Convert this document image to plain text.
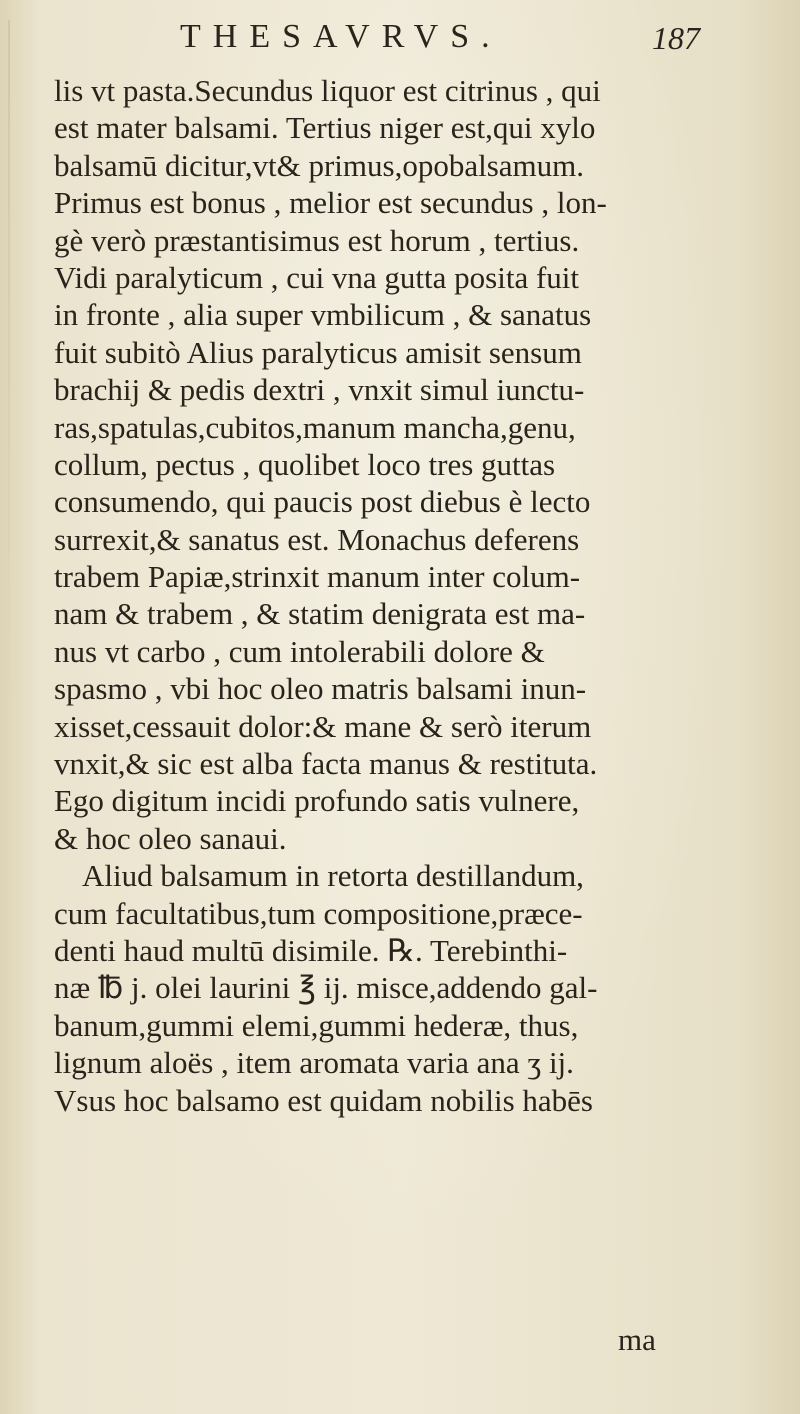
THESAVRVS.	187
lis vt pasta.Secundus liquor est citrinus , qui
est mater balsami. Tertius niger est,qui xylo
balsamū dicitur,vt& primus,opobalsamum.
Primus est bonus , melior est secundus , lon-
gè verò præstantisimus est horum , tertius.
Vidi paralyticum , cui vna gutta posita fuit
in fronte , alia super vmbilicum , & sanatus
fuit subitò Alius paralyticus amisit sensum
brachij & pedis dextri , vnxit simul iunctu-
ras,spatulas,cubitos,manum mancha,genu,
collum, pectus , quolibet loco tres guttas
consumendo, qui paucis post diebus è lecto
surrexit,& sanatus est. Monachus deferens
trabem Papiæ,strinxit manum inter colum-
nam & trabem , & statim denigrata est ma-
nus vt carbo , cum intolerabili dolore &
spasmo , vbi hoc oleo matris balsami inun-
xisset,cessauit dolor:& mane & serò iterum
vnxit,& sic est alba facta manus & restituta.
Ego digitum incidi profundo satis vulnere,
& hoc oleo sanaui.
Aliud balsamum in retorta destillandum,
cum facultatibus,tum compositione,præce-
denti haud multū disimile. ℞. Terebinthi-
næ ℔ j. olei laurini ℥ ij. misce,addendo gal-
banum,gummi elemi,gummi hederæ, thus,
lignum aloës , item aromata varia ana ʒ ij.
Vsus hoc balsamo est quidam nobilis habēs
ma
